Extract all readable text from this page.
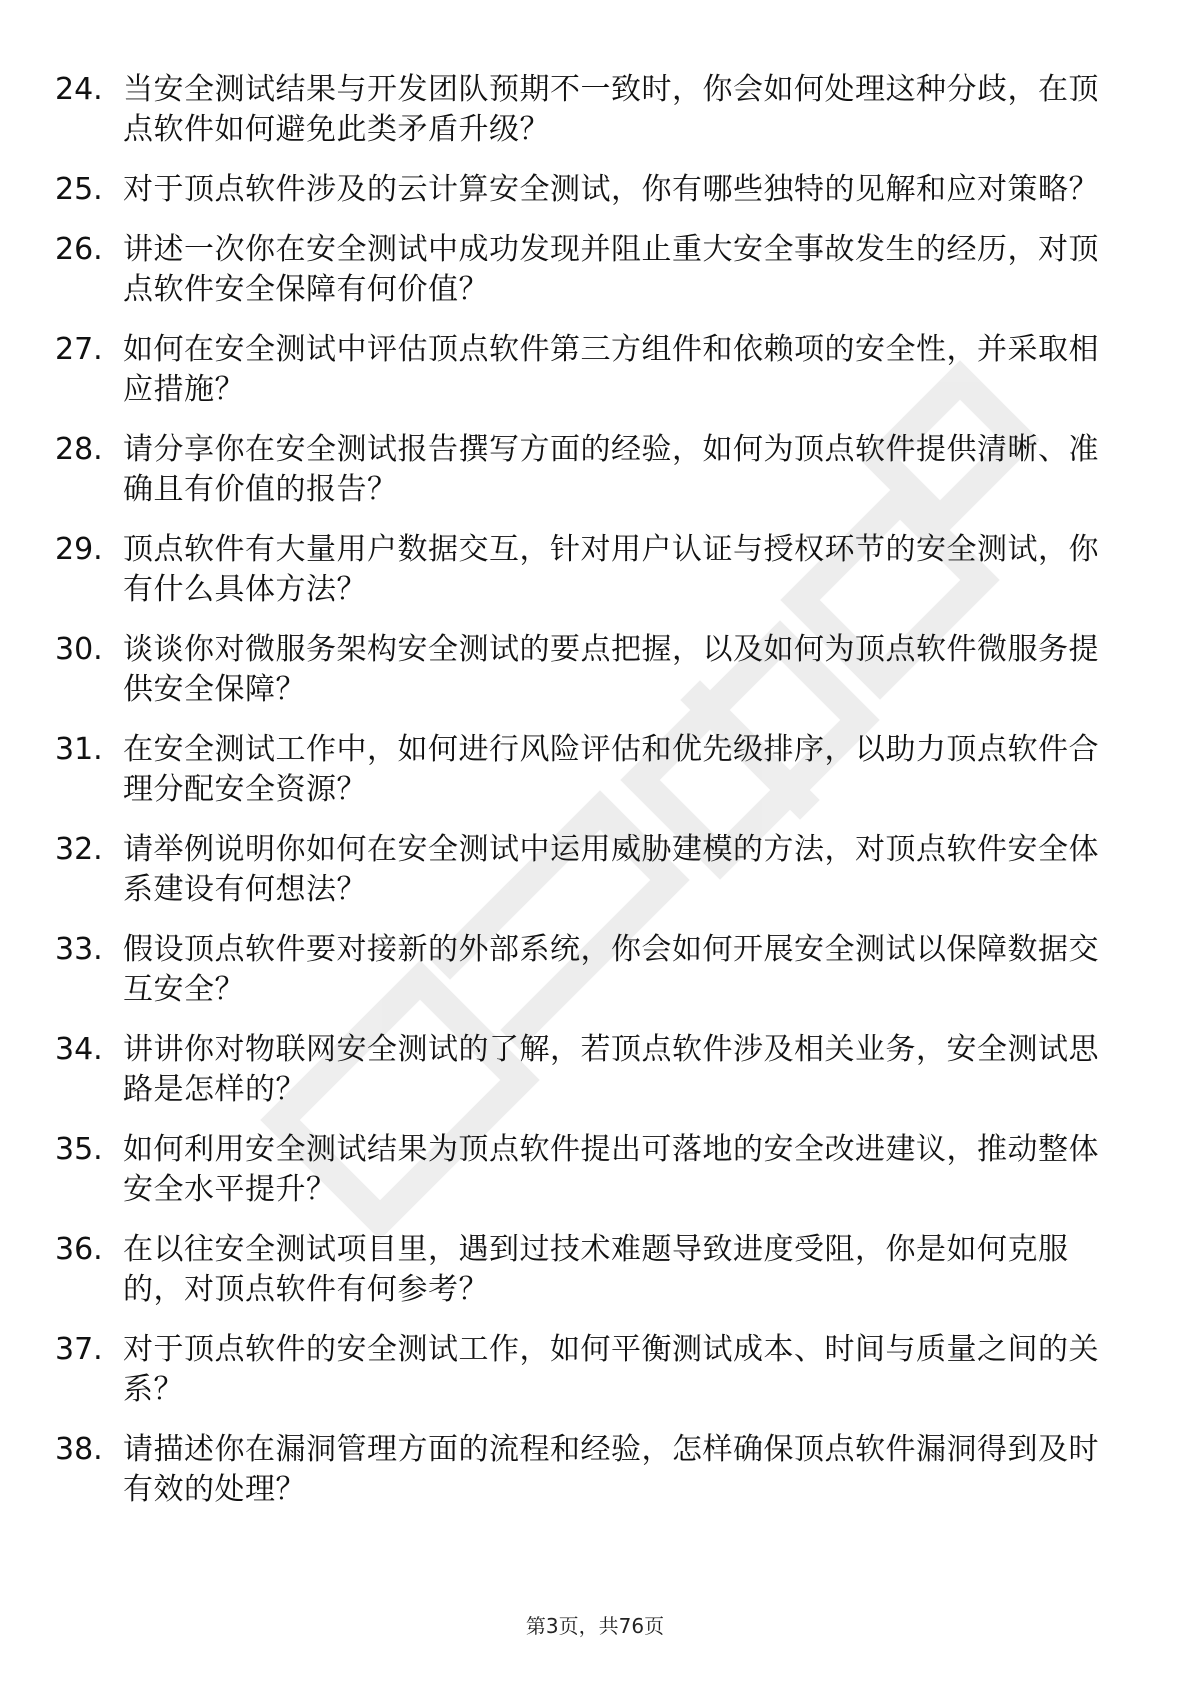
24. 当安全测试结果与开发团队预期不一致时，你会如何处理这种分歧，在顶点软件如何避免此类矛盾升级？
25. 对于顶点软件涉及的云计算安全测试，你有哪些独特的见解和应对策略？
26. 讲述一次你在安全测试中成功发现并阻止重大安全事故发生的经历，对顶点软件安全保障有何价值？
27. 如何在安全测试中评估顶点软件第三方组件和依赖项的安全性，并采取相应措施？
28. 请分享你在安全测试报告撰写方面的经验，如何为顶点软件提供清晰、准确且有价值的报告？
29. 顶点软件有大量用户数据交互，针对用户认证与授权环节的安全测试，你有什么具体方法？
30. 谈谈你对微服务架构安全测试的要点把握，以及如何为顶点软件微服务提供安全保障？
31. 在安全测试工作中，如何进行风险评估和优先级排序，以助力顶点软件合理分配安全资源？
32. 请举例说明你如何在安全测试中运用威胁建模的方法，对顶点软件安全体系建设有何想法？
33. 假设顶点软件要对接新的外部系统，你会如何开展安全测试以保障数据交互安全？
34. 讲讲你对物联网安全测试的了解，若顶点软件涉及相关业务，安全测试思路是怎样的？
35. 如何利用安全测试结果为顶点软件提出可落地的安全改进建议，推动整体安全水平提升？
36. 在以往安全测试项目里，遇到过技术难题导致进度受阻，你是如何克服的，对顶点软件有何参考？
37. 对于顶点软件的安全测试工作，如何平衡测试成本、时间与质量之间的关系？
38. 请描述你在漏洞管理方面的流程和经验，怎样确保顶点软件漏洞得到及时有效的处理？
第3页，共76页
